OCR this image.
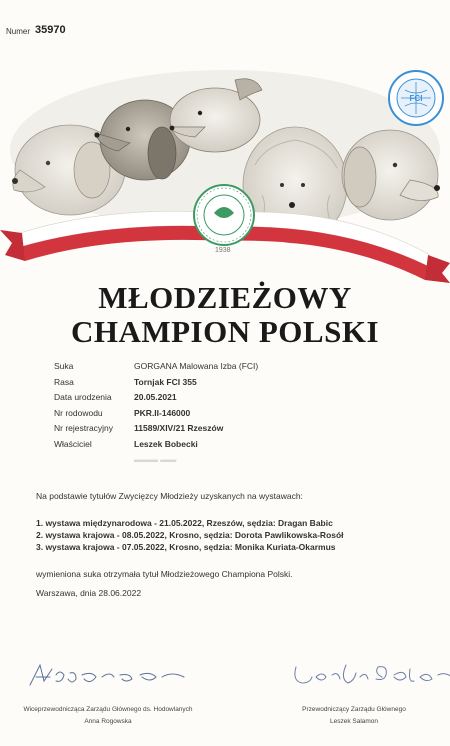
Numer 35970
1938
FCI
MŁODZIEŻOWY
CHAMPION POLSKI
Suka	GORGANA Malowana Izba (FCI)
Rasa	Tornjak FCI 355
Data urodzenia	20.05.2021
Nr rodowodu	PKR.II-146000
Nr rejestracyjny 11589/XIV/21 Rzeszów
Właściciel	Leszek Bobecki
▬▬▬ ▬▬
Na podstawie tytułów Zwycięzcy Młodzieży uzyskanych na wystawach:
1. wystawa międzynarodowa - 21.05.2022, Rzeszów, sędzia: Dragan Babic
2. wystawa krajowa - 08.05.2022, Krosno, sędzia: Dorota Pawlikowska-Rosół
3. wystawa krajowa - 07.05.2022, Krosno, sędzia: Monika Kuriata-Okarmus
wymieniona suka otrzymała tytuł Młodzieżowego Championa Polski.
Warszawa, dnia 28.06.2022
Wiceprzewodnicząca Zarządu Głównego ds. Hodowlanych
Anna Rogowska
Przewodniczący Zarządu Głównego
Leszek Salamon
